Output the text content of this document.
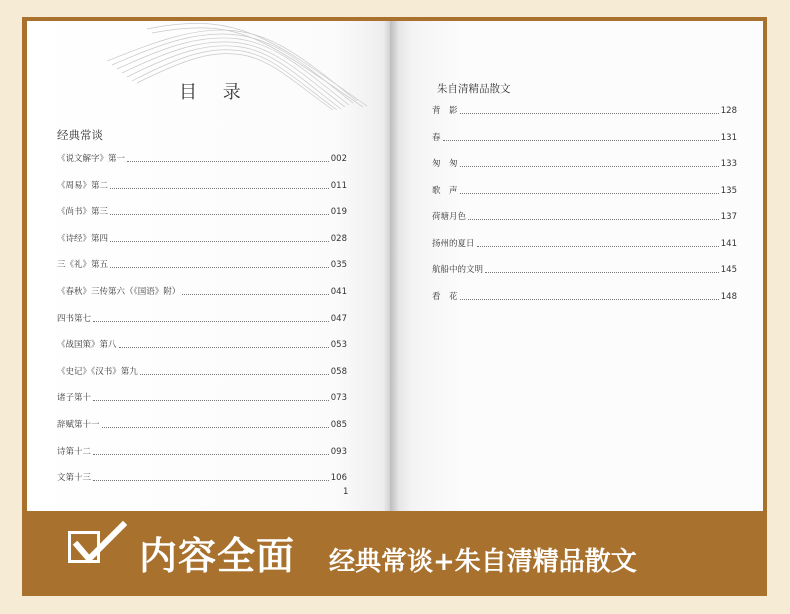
目 录
经典常谈
《说文解字》第一	002
《周易》第二	011
《尚书》第三	019
《诗经》第四	028
三《礼》第五	035
《春秋》三传第六（《国语》附）	041
四书第七	047
《战国策》第八	053
《史记》《汉书》第九	058
诸子第十	073
辞赋第十一	085
诗第十二	093
文第十三	106
1
朱自清精品散文
背　影	128
春	131
匆　匆	133
歌　声	135
荷塘月色	137
扬州的夏日	141
航船中的文明	145
看　花	148
内容全面 经典常谈+朱自清精品散文
